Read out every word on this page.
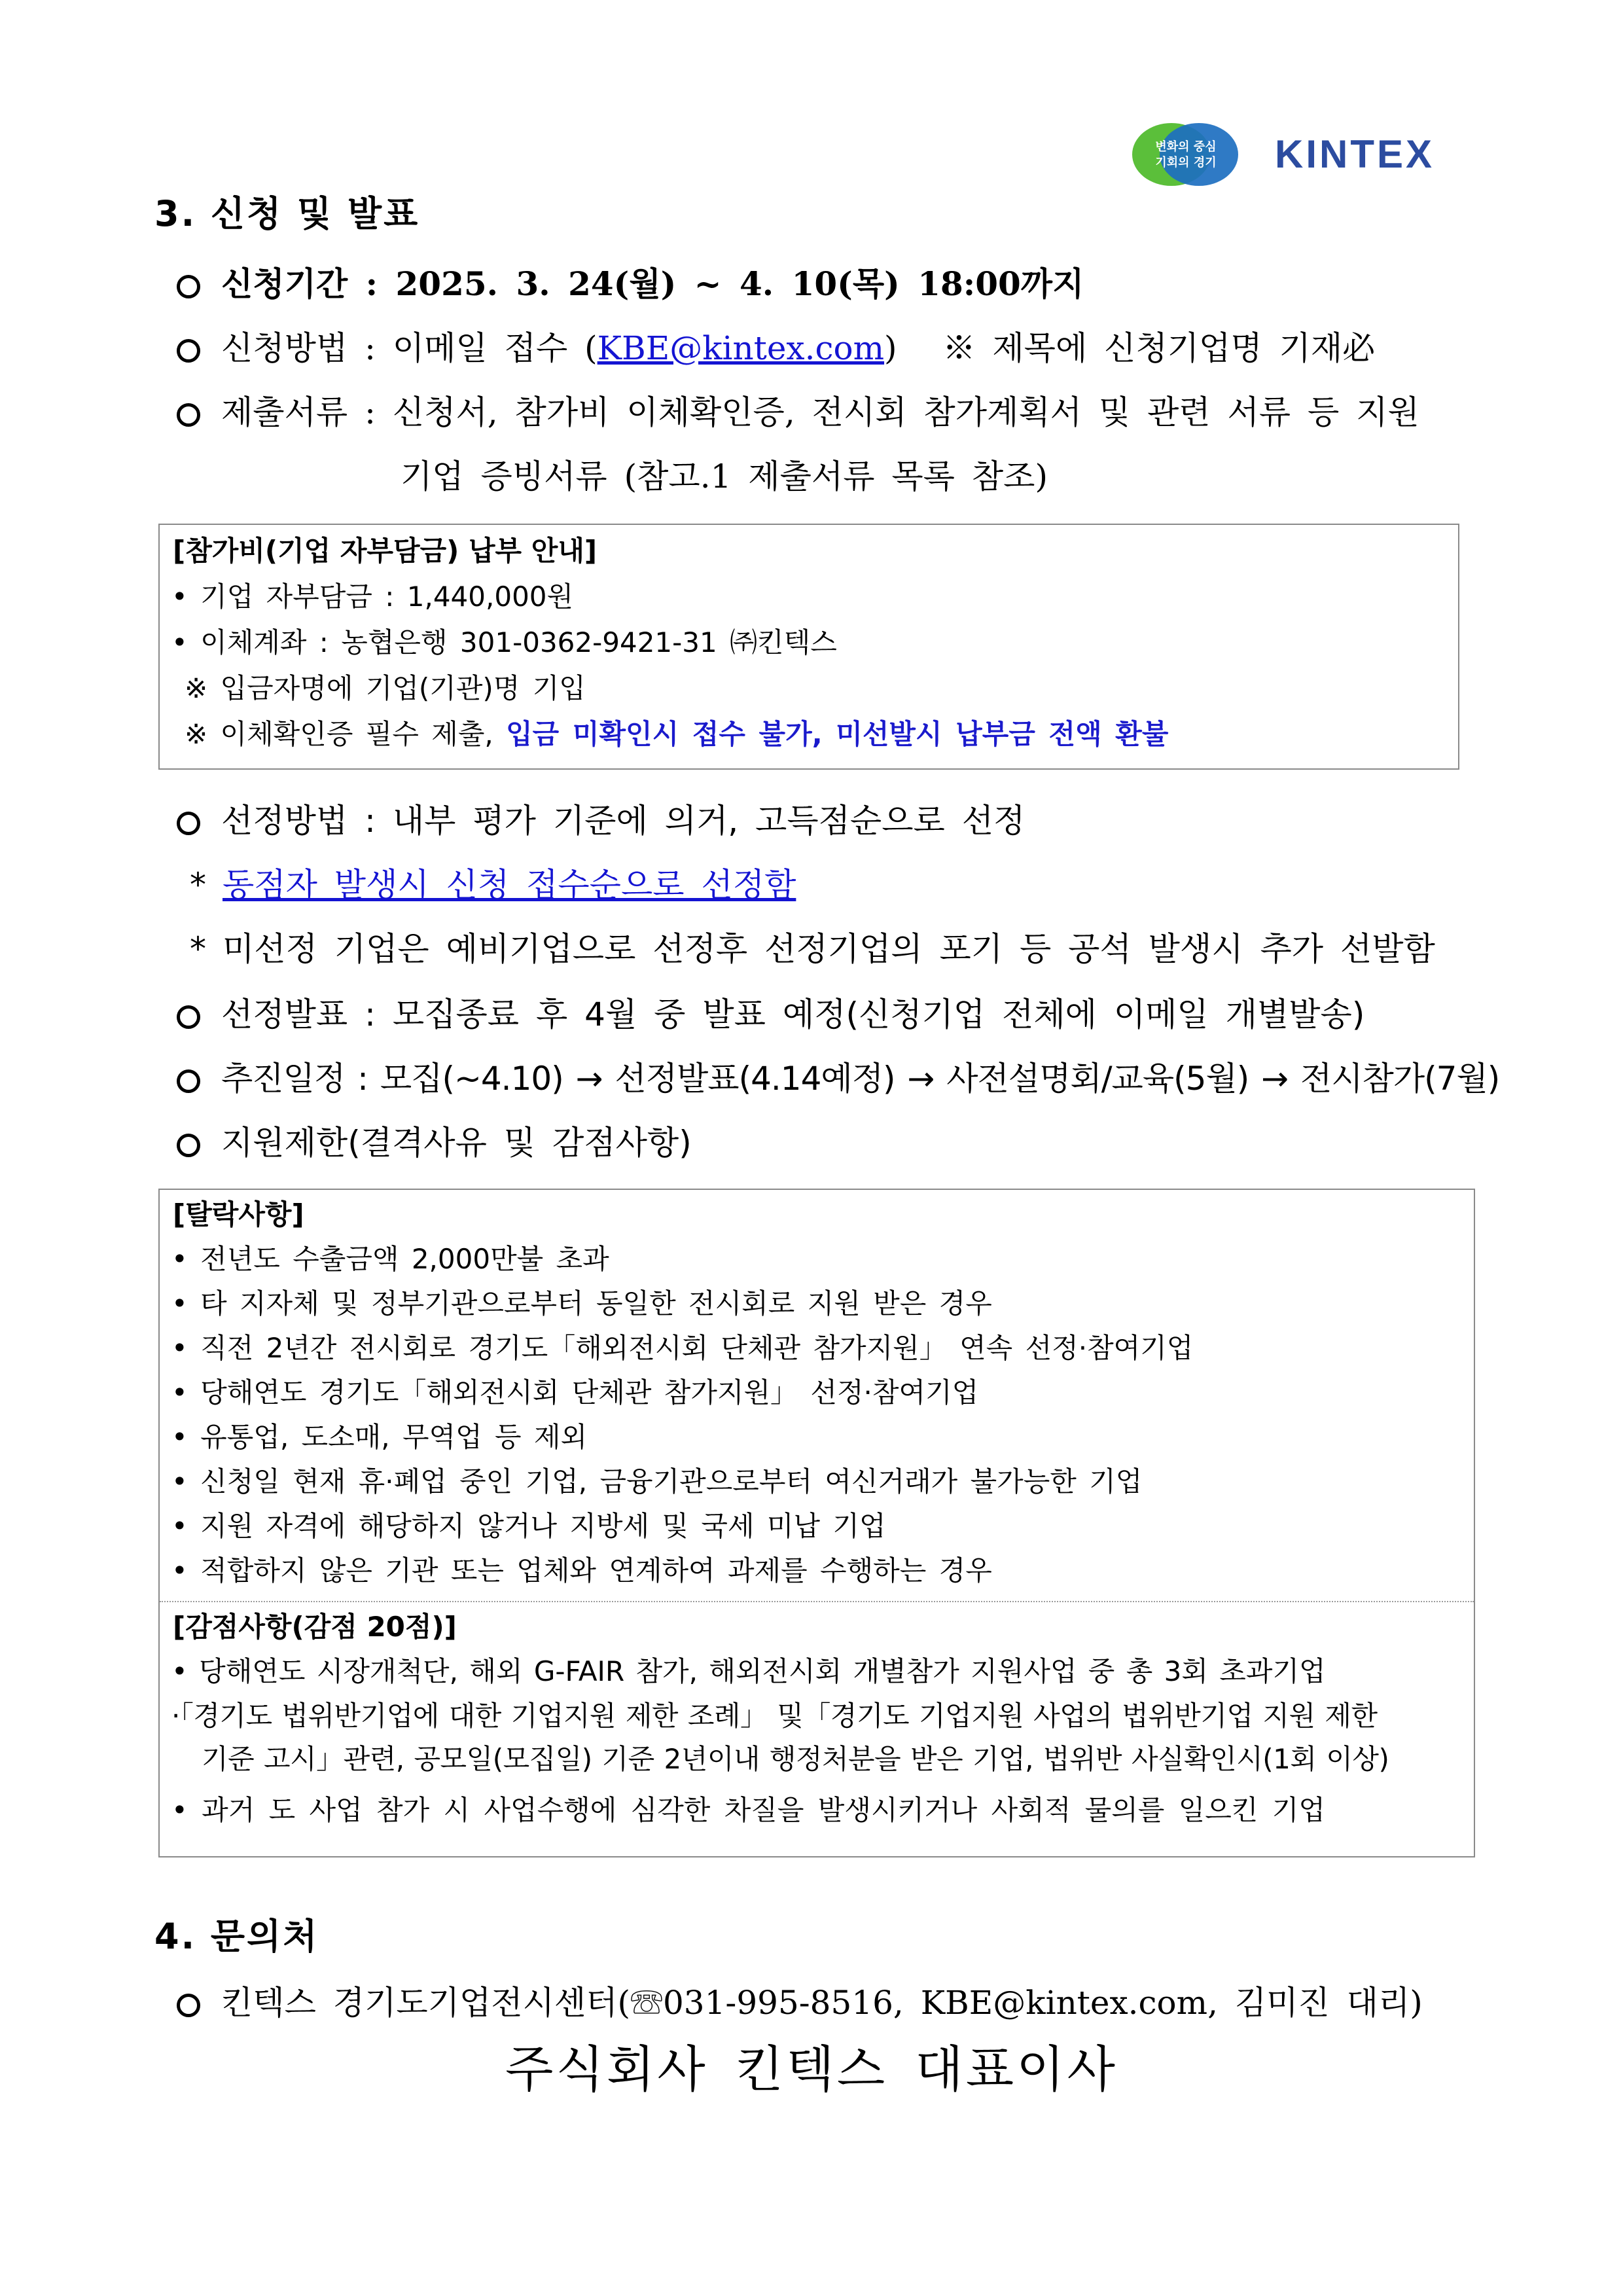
변화의 중심
기회의 경기 KINTEX
3. 신청 및 발표
신청기간 : 2025. 3. 24(월) ~ 4. 10(목) 18:00까지
신청방법 : 이메일 접수 (KBE@kintex.com) ※ 제목에 신청기업명 기재必
제출서류 : 신청서, 참가비 이체확인증, 전시회 참가계획서 및 관련 서류 등 지원
기업 증빙서류 (참고.1 제출서류 목록 참조)
[참가비(기업 자부담금) 납부 안내]
• 기업 자부담금 : 1,440,000원
• 이체계좌 : 농협은행 301-0362-9421-31 ㈜킨텍스
※ 입금자명에 기업(기관)명 기입
※ 이체확인증 필수 제출, 입금 미확인시 접수 불가, 미선발시 납부금 전액 환불
선정방법 : 내부 평가 기준에 의거, 고득점순으로 선정
* 동점자 발생시 신청 접수순으로 선정함
* 미선정 기업은 예비기업으로 선정후 선정기업의 포기 등 공석 발생시 추가 선발함
선정발표 : 모집종료 후 4월 중 발표 예정(신청기업 전체에 이메일 개별발송)
추진일정 : 모집(~4.10) → 선정발표(4.14예정) → 사전설명회/교육(5월) → 전시참가(7월)
지원제한(결격사유 및 감점사항)
[탈락사항]
• 전년도 수출금액 2,000만불 초과
• 타 지자체 및 정부기관으로부터 동일한 전시회로 지원 받은 경우
• 직전 2년간 전시회로 경기도「해외전시회 단체관 참가지원」 연속 선정·참여기업
• 당해연도 경기도「해외전시회 단체관 참가지원」 선정·참여기업
• 유통업, 도소매, 무역업 등 제외
• 신청일 현재 휴·폐업 중인 기업, 금융기관으로부터 여신거래가 불가능한 기업
• 지원 자격에 해당하지 않거나 지방세 및 국세 미납 기업
• 적합하지 않은 기관 또는 업체와 연계하여 과제를 수행하는 경우
[감점사항(감점 20점)]
• 당해연도 시장개척단, 해외 G-FAIR 참가, 해외전시회 개별참가 지원사업 중 총 3회 초과기업
·「경기도 법위반기업에 대한 기업지원 제한 조례」 및「경기도 기업지원 사업의 법위반기업 지원 제한
기준 고시」관련, 공모일(모집일) 기준 2년이내 행정처분을 받은 기업, 법위반 사실확인시(1회 이상)
• 과거 도 사업 참가 시 사업수행에 심각한 차질을 발생시키거나 사회적 물의를 일으킨 기업
4. 문의처
킨텍스 경기도기업전시센터(☏031-995-8516, KBE@kintex.com, 김미진 대리)
주식회사 킨텍스 대표이사
